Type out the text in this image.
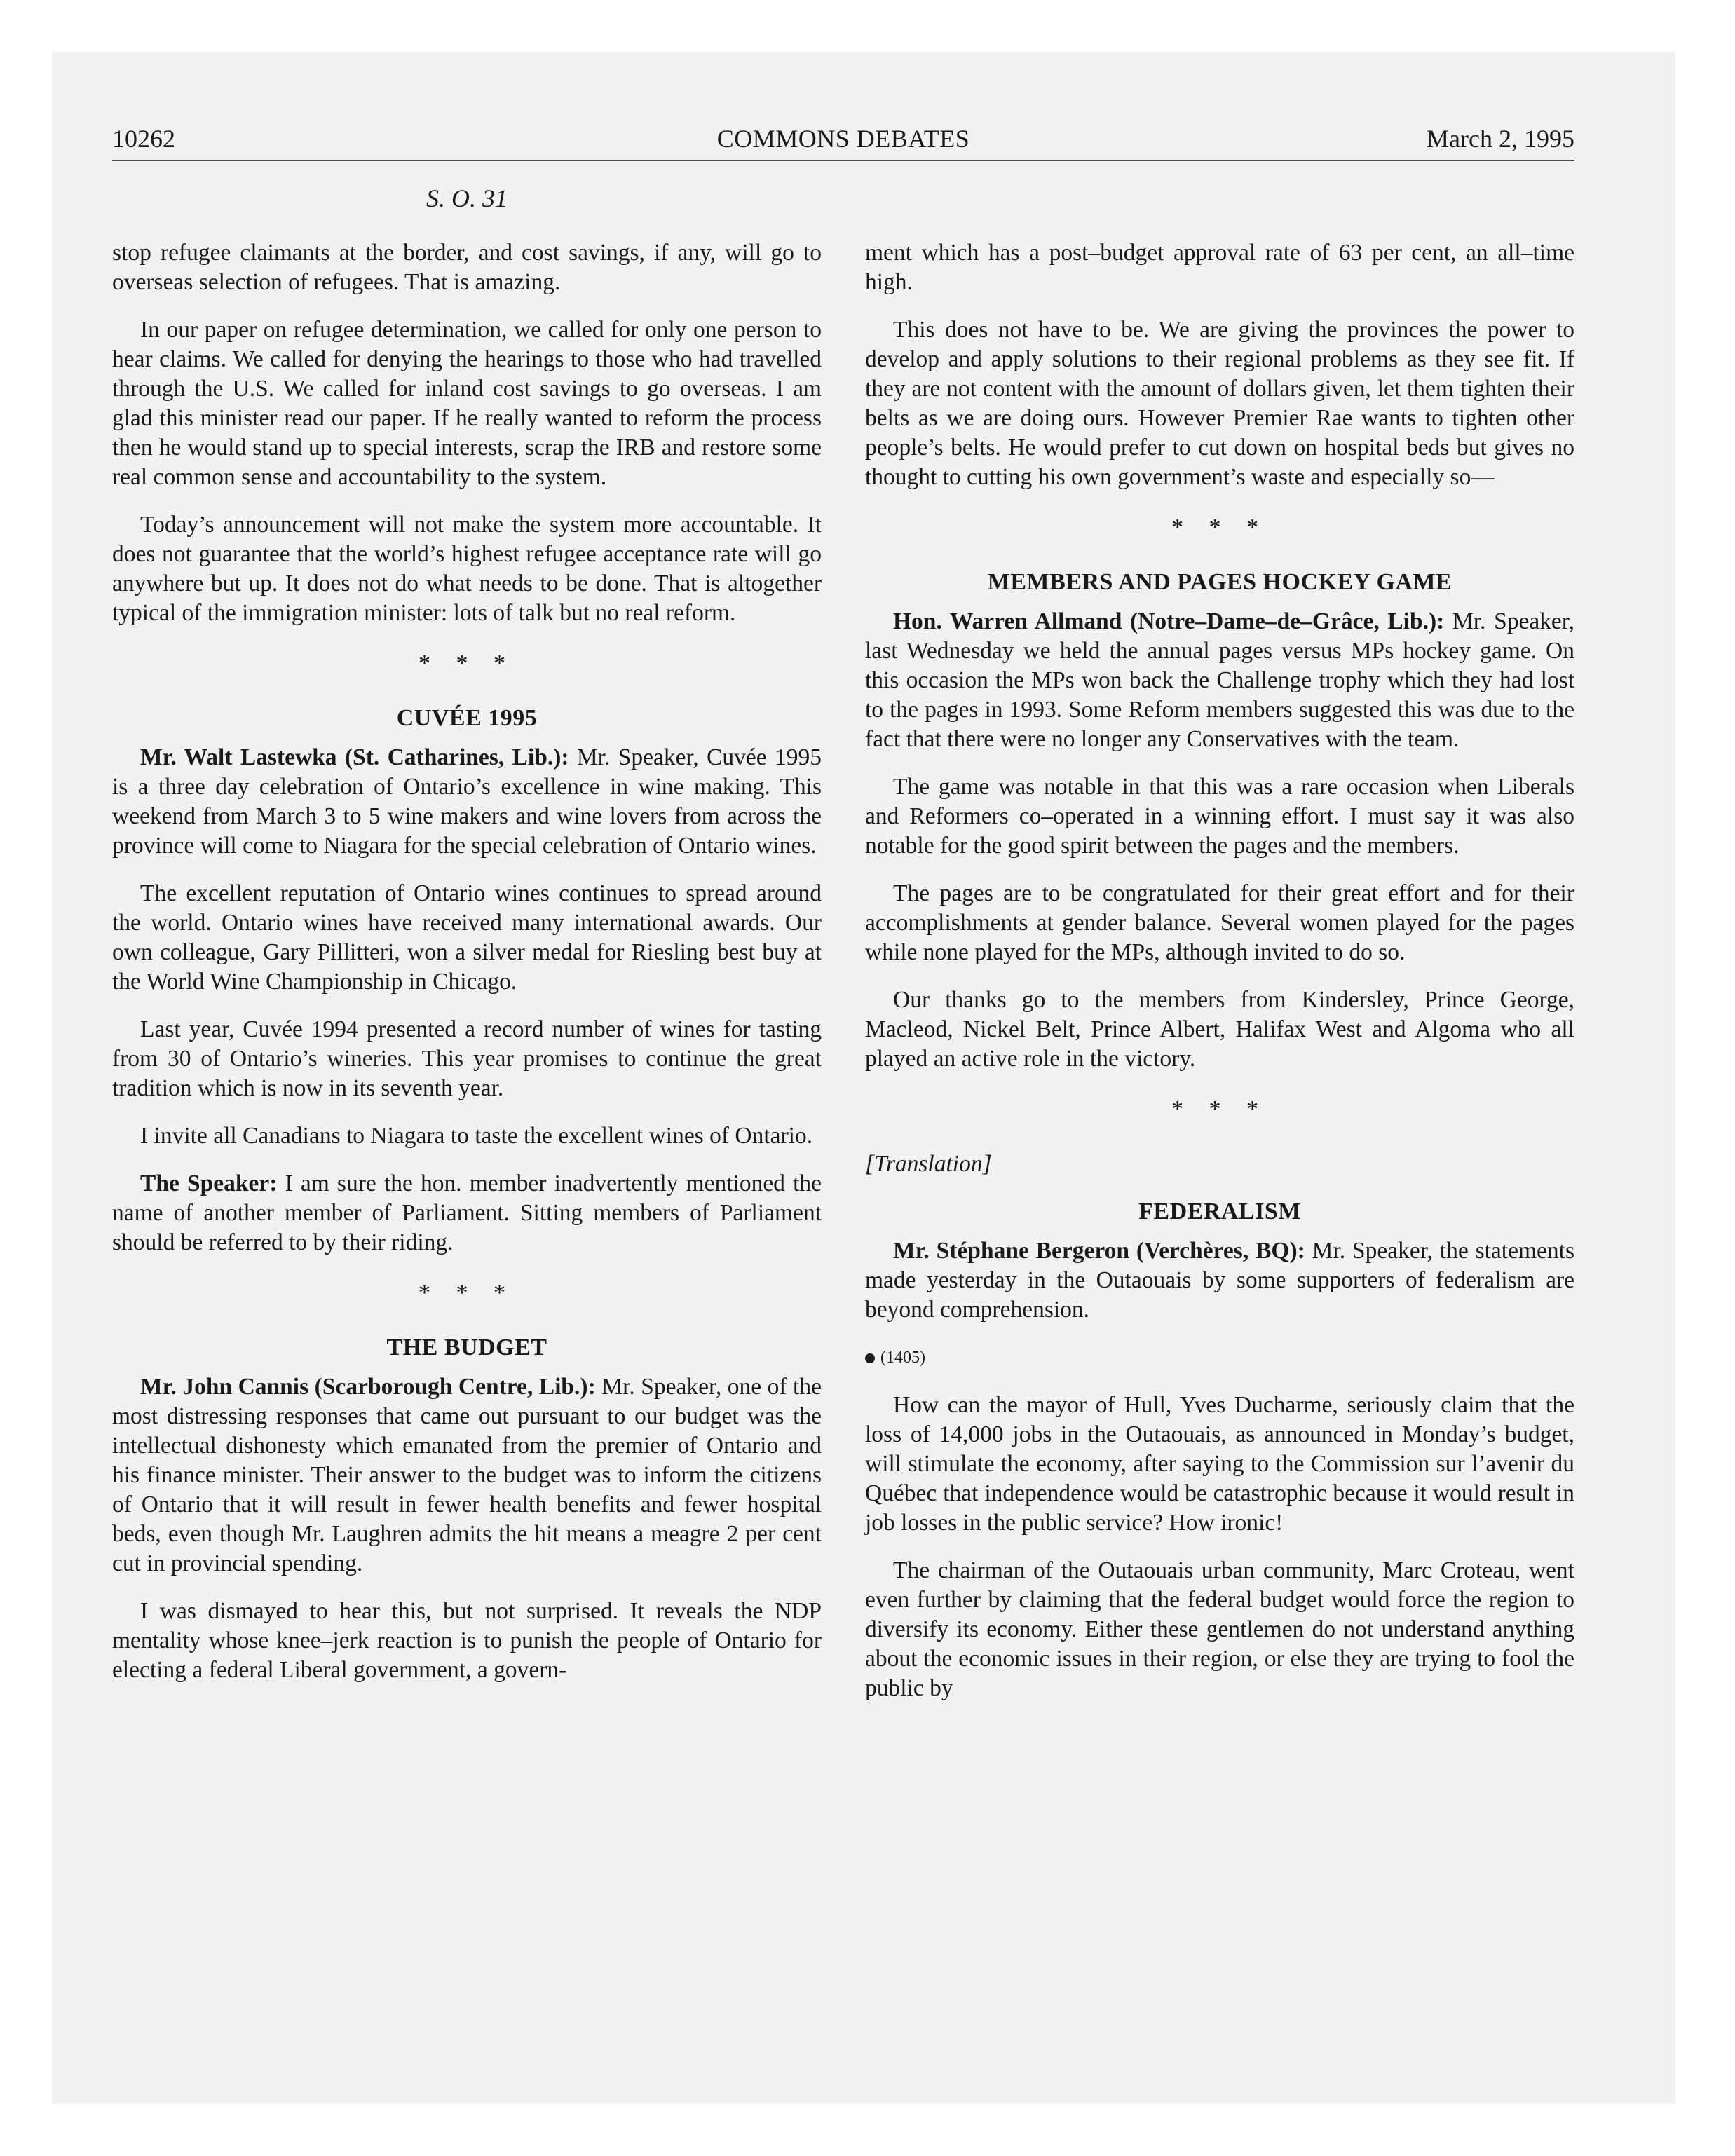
10262	COMMONS DEBATES	March 2, 1995
S. O. 31

stop refugee claimants at the border, and cost savings, if any, will go to overseas selection of refugees. That is amazing.

In our paper on refugee determination, we called for only one person to hear claims. We called for denying the hearings to those who had travelled through the U.S. We called for inland cost savings to go overseas. I am glad this minister read our paper. If he really wanted to reform the process then he would stand up to special interests, scrap the IRB and restore some real common sense and accountability to the system.

Today’s announcement will not make the system more accountable. It does not guarantee that the world’s highest refugee acceptance rate will go anywhere but up. It does not do what needs to be done. That is altogether typical of the immigration minister: lots of talk but no real reform.

* * *
CUVÉE 1995

Mr. Walt Lastewka (St. Catharines, Lib.): Mr. Speaker, Cuvée 1995 is a three day celebration of Ontario’s excellence in wine making. This weekend from March 3 to 5 wine makers and wine lovers from across the province will come to Niagara for the special celebration of Ontario wines.

The excellent reputation of Ontario wines continues to spread around the world. Ontario wines have received many international awards. Our own colleague, Gary Pillitteri, won a silver medal for Riesling best buy at the World Wine Championship in Chicago.

Last year, Cuvée 1994 presented a record number of wines for tasting from 30 of Ontario’s wineries. This year promises to continue the great tradition which is now in its seventh year.

I invite all Canadians to Niagara to taste the excellent wines of Ontario.

The Speaker: I am sure the hon. member inadvertently mentioned the name of another member of Parliament. Sitting members of Parliament should be referred to by their riding.

* * *
THE BUDGET

Mr. John Cannis (Scarborough Centre, Lib.): Mr. Speaker, one of the most distressing responses that came out pursuant to our budget was the intellectual dishonesty which emanated from the premier of Ontario and his finance minister. Their answer to the budget was to inform the citizens of Ontario that it will result in fewer health benefits and fewer hospital beds, even though Mr. Laughren admits the hit means a meagre 2 per cent cut in provincial spending.

I was dismayed to hear this, but not surprised. It reveals the NDP mentality whose knee–jerk reaction is to punish the people of Ontario for electing a federal Liberal government, a govern-

ment which has a post–budget approval rate of 63 per cent, an all–time high.

This does not have to be. We are giving the provinces the power to develop and apply solutions to their regional problems as they see fit. If they are not content with the amount of dollars given, let them tighten their belts as we are doing ours. However Premier Rae wants to tighten other people’s belts. He would prefer to cut down on hospital beds but gives no thought to cutting his own government’s waste and especially so—

* * *
MEMBERS AND PAGES HOCKEY GAME

Hon. Warren Allmand (Notre–Dame–de–Grâce, Lib.): Mr. Speaker, last Wednesday we held the annual pages versus MPs hockey game. On this occasion the MPs won back the Challenge trophy which they had lost to the pages in 1993. Some Reform members suggested this was due to the fact that there were no longer any Conservatives with the team.

The game was notable in that this was a rare occasion when Liberals and Reformers co–operated in a winning effort. I must say it was also notable for the good spirit between the pages and the members.

The pages are to be congratulated for their great effort and for their accomplishments at gender balance. Several women played for the pages while none played for the MPs, although invited to do so.

Our thanks go to the members from Kindersley, Prince George, Macleod, Nickel Belt, Prince Albert, Halifax West and Algoma who all played an active role in the victory.

* * *
[Translation]
FEDERALISM

Mr. Stéphane Bergeron (Verchères, BQ): Mr. Speaker, the statements made yesterday in the Outaouais by some supporters of federalism are beyond comprehension.

(1405)

How can the mayor of Hull, Yves Ducharme, seriously claim that the loss of 14,000 jobs in the Outaouais, as announced in Monday’s budget, will stimulate the economy, after saying to the Commission sur l’avenir du Québec that independence would be catastrophic because it would result in job losses in the public service? How ironic!

The chairman of the Outaouais urban community, Marc Croteau, went even further by claiming that the federal budget would force the region to diversify its economy. Either these gentlemen do not understand anything about the economic issues in their region, or else they are trying to fool the public by
